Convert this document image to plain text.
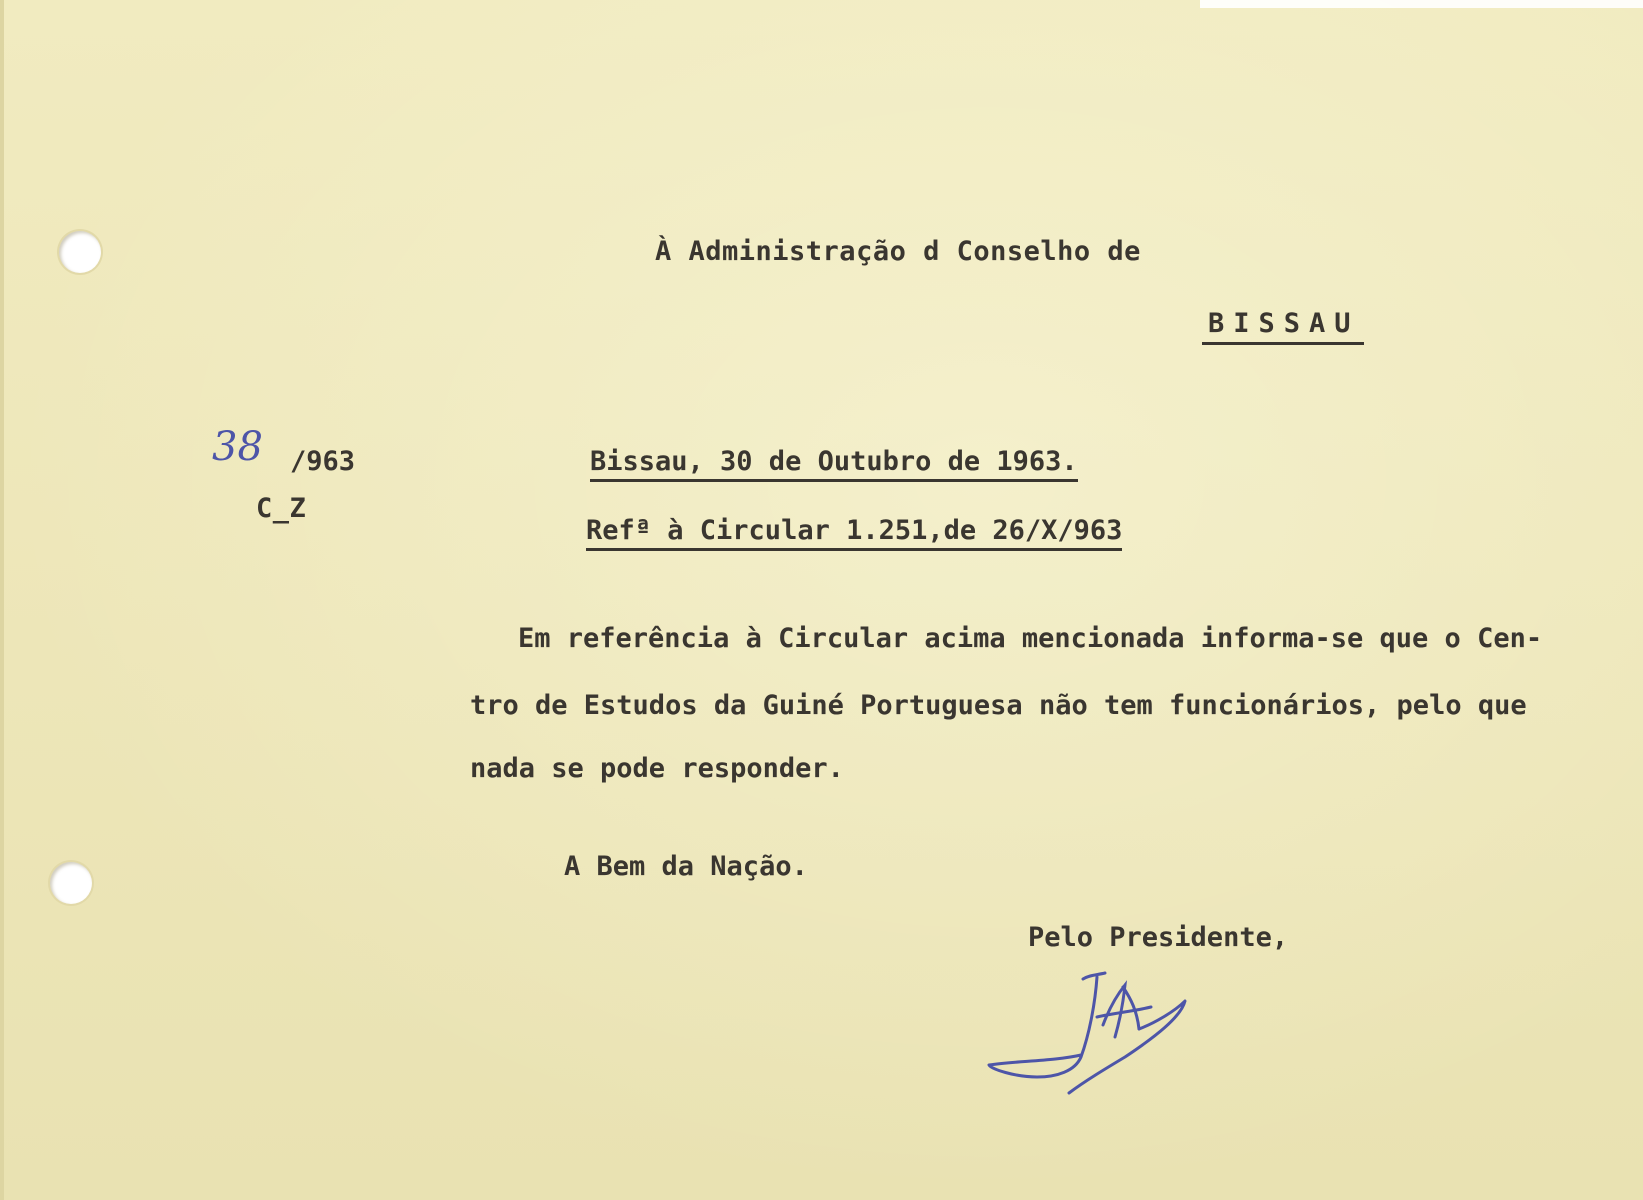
À Administração d Conselho de
BISSAU
38 /963
C_Z
Bissau, 30 de Outubro de 1963.
Refª à Circular 1.251,de 26/X/963
Em referência à Circular acima mencionada informa-se que o Cen-
tro de Estudos da Guiné Portuguesa não tem funcionários, pelo que
nada se pode responder.
A Bem da Nação.
Pelo Presidente,
